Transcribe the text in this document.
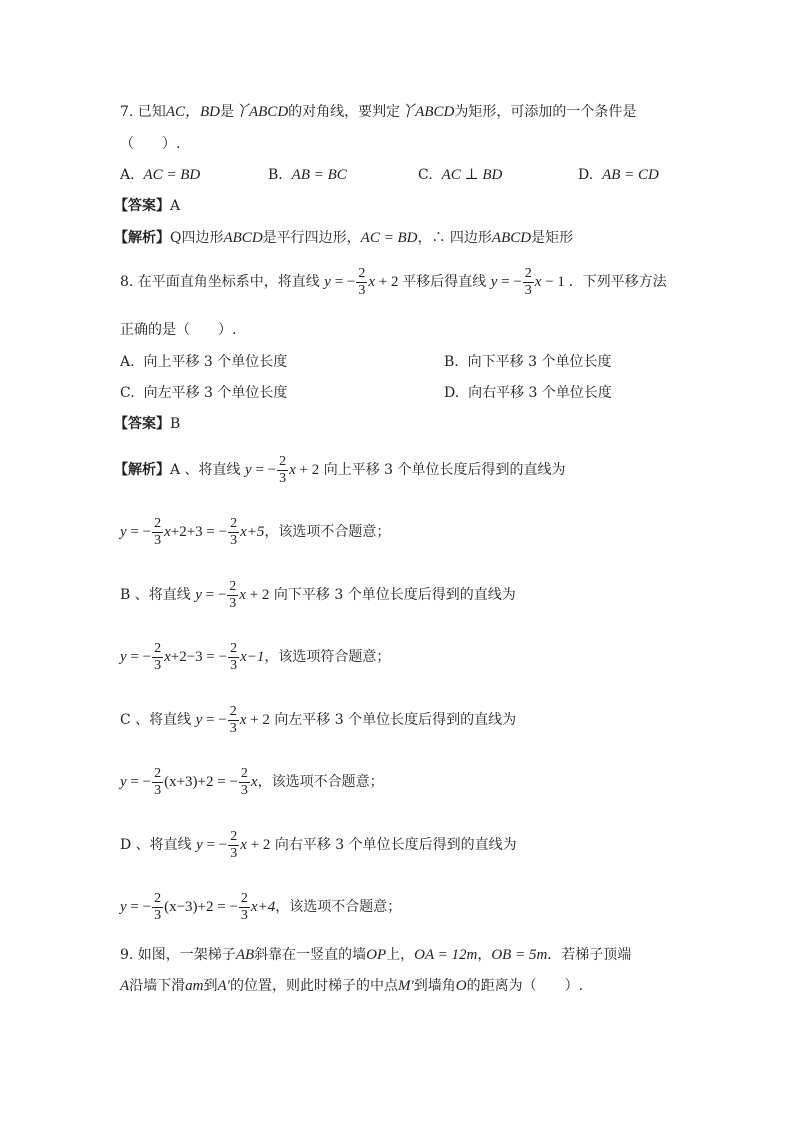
7. 已知AC，BD是丫ABCD的对角线，要判定丫ABCD为矩形，可添加的一个条件是
（　　）.
A. AC = BD	B. AB = BC	C. AC ⊥ BD	D. AB = CD
【答案】A
【解析】Q四边形ABCD是平行四边形，AC = BD，∴ 四边形ABCD是矩形
8. 在平面直角坐标系中，将直线 y = − $\frac{2}{3}$ x + 2 平移后得直线 y = − $\frac{2}{3}$ x − 1 ．下列平移方法
正确的是（　　）.
A. 向上平移 3 个单位长度	B. 向下平移 3 个单位长度
C. 向左平移 3 个单位长度	D. 向右平移 3 个单位长度
【答案】B
【解析】A 、将直线 y = − $\frac{2}{3}$ x + 2 向上平移 3 个单位长度后得到的直线为
y = − $\frac{2}{3} x+2+3$ = − $\frac{2}{3} x+5$，该选项不合题意；
B 、将直线 y = − $\frac{2}{3}$ x + 2 向下平移 3 个单位长度后得到的直线为
y = − $\frac{2}{3} x+2-3$ = − $\frac{2}{3} x-1$，该选项符合题意；
C 、将直线 y = − $\frac{2}{3}$ x + 2 向左平移 3 个单位长度后得到的直线为
y = − $\frac{2}{3} (x+3)+2$ = − $\frac{2}{3}$ x，该选项不合题意；
D 、将直线 y = − $\frac{2}{3}$ x + 2 向右平移 3 个单位长度后得到的直线为
y = − $\frac{2}{3} (x-3)+2$ = − $\frac{2}{3} x+4$，该选项不合题意；
9. 如图，一架梯子AB斜靠在一竖直的墙OP上，OA = 12m，OB = 5m．若梯子顶端
A沿墙下滑am到A′的位置，则此时梯子的中点M′到墙角O的距离为（　　）.
